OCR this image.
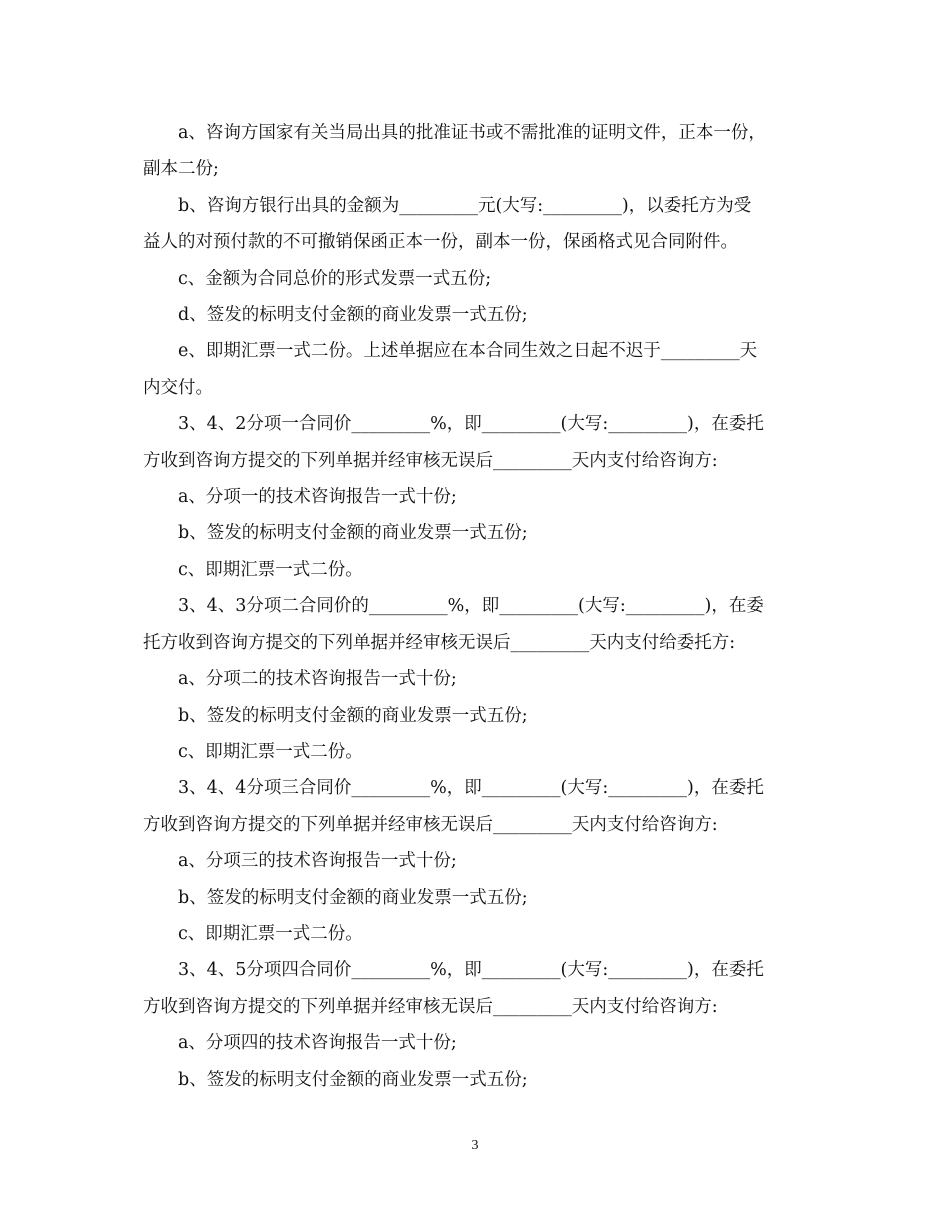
a、咨询方国家有关当局出具的批准证书或不需批准的证明文件，正本一份，

副本二份;

b、咨询方银行出具的金额为_________元(大写:_________)，以委托方为受

益人的对预付款的不可撤销保函正本一份，副本一份，保函格式见合同附件。

c、金额为合同总价的形式发票一式五份;

d、签发的标明支付金额的商业发票一式五份;

e、即期汇票一式二份。上述单据应在本合同生效之日起不迟于_________天

内交付。

3、4、2分项一合同价_________%，即_________(大写:_________)，在委托

方收到咨询方提交的下列单据并经审核无误后_________天内支付给咨询方:

a、分项一的技术咨询报告一式十份;

b、签发的标明支付金额的商业发票一式五份;

c、即期汇票一式二份。

3、4、3分项二合同价的_________%，即_________(大写:_________)，在委

托方收到咨询方提交的下列单据并经审核无误后_________天内支付给委托方:

a、分项二的技术咨询报告一式十份;

b、签发的标明支付金额的商业发票一式五份;

c、即期汇票一式二份。

3、4、4分项三合同价_________%，即_________(大写:_________)，在委托

方收到咨询方提交的下列单据并经审核无误后_________天内支付给咨询方:

a、分项三的技术咨询报告一式十份;

b、签发的标明支付金额的商业发票一式五份;

c、即期汇票一式二份。

3、4、5分项四合同价_________%，即_________(大写:_________)，在委托

方收到咨询方提交的下列单据并经审核无误后_________天内支付给咨询方:

a、分项四的技术咨询报告一式十份;

b、签发的标明支付金额的商业发票一式五份;

3
